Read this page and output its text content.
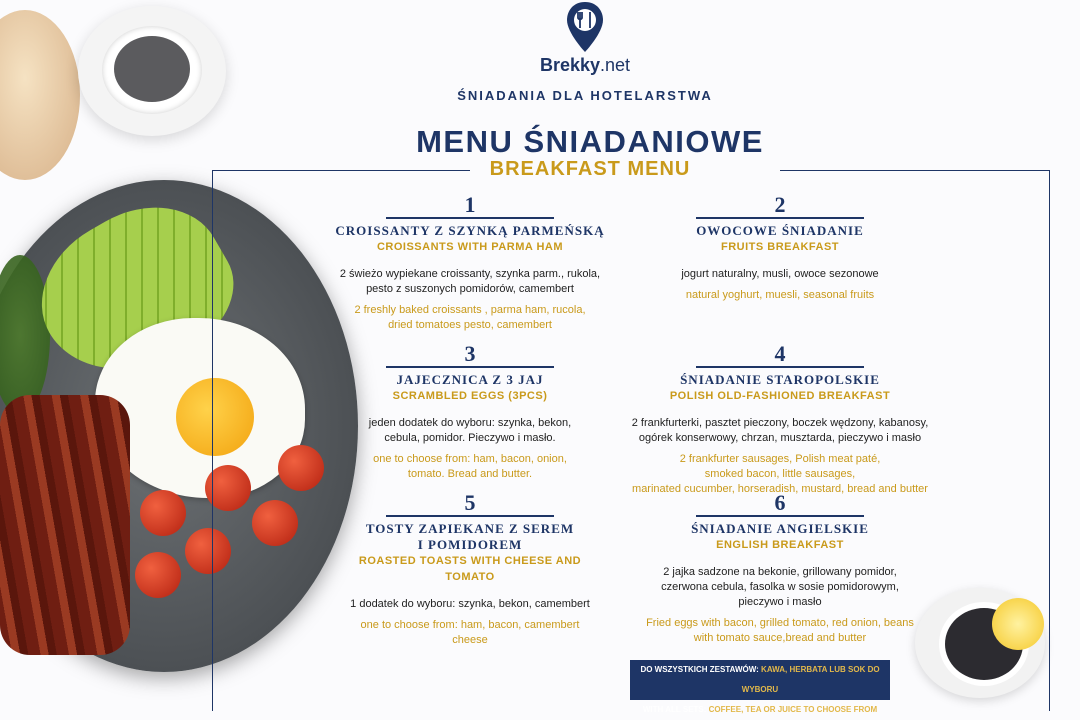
Brekky.net
ŚNIADANIA DLA HOTELARSTWA
MENU ŚNIADANIOWE
BREAKFAST MENU
1
CROISSANTY Z SZYNKĄ PARMEŃSKĄ
CROISSANTS WITH PARMA HAM
2 świeżo wypiekane croissanty, szynka parm., rukola,
pesto z suszonych pomidorów, camembert
2 freshly baked croissants , parma ham, rucola,
dried tomatoes pesto, camembert
2
OWOCOWE ŚNIADANIE
FRUITS BREAKFAST
jogurt naturalny, musli, owoce sezonowe
natural yoghurt, muesli, seasonal fruits
3
JAJECZNICA Z 3 JAJ
SCRAMBLED EGGS (3PCS)
jeden dodatek do wyboru: szynka, bekon,
cebula, pomidor. Pieczywo i masło.
one to choose from: ham, bacon, onion,
tomato. Bread and butter.
4
ŚNIADANIE STAROPOLSKIE
POLISH OLD-FASHIONED BREAKFAST
2 frankfurterki, pasztet pieczony, boczek wędzony, kabanosy,
ogórek konserwowy, chrzan, musztarda, pieczywo i masło
2 frankfurter sausages, Polish meat paté,
smoked bacon, little sausages,
marinated cucumber, horseradish, mustard, bread and butter
5
TOSTY ZAPIEKANE Z SEREM
I POMIDOREM
ROASTED TOASTS WITH CHEESE AND
TOMATO
1 dodatek do wyboru: szynka, bekon, camembert
one to choose from: ham, bacon, camembert
cheese
6
ŚNIADANIE ANGIELSKIE
ENGLISH BREAKFAST
2 jajka sadzone na bekonie, grillowany pomidor,
czerwona cebula, fasolka w sosie pomidorowym,
pieczywo i masło
Fried eggs with bacon, grilled tomato, red onion, beans
with tomato sauce,bread and butter
DO WSZYSTKICH ZESTAWÓW: KAWA, HERBATA LUB SOK DO WYBORU
WITH ALL SETS: COFFEE, TEA OR JUICE TO CHOOSE FROM
